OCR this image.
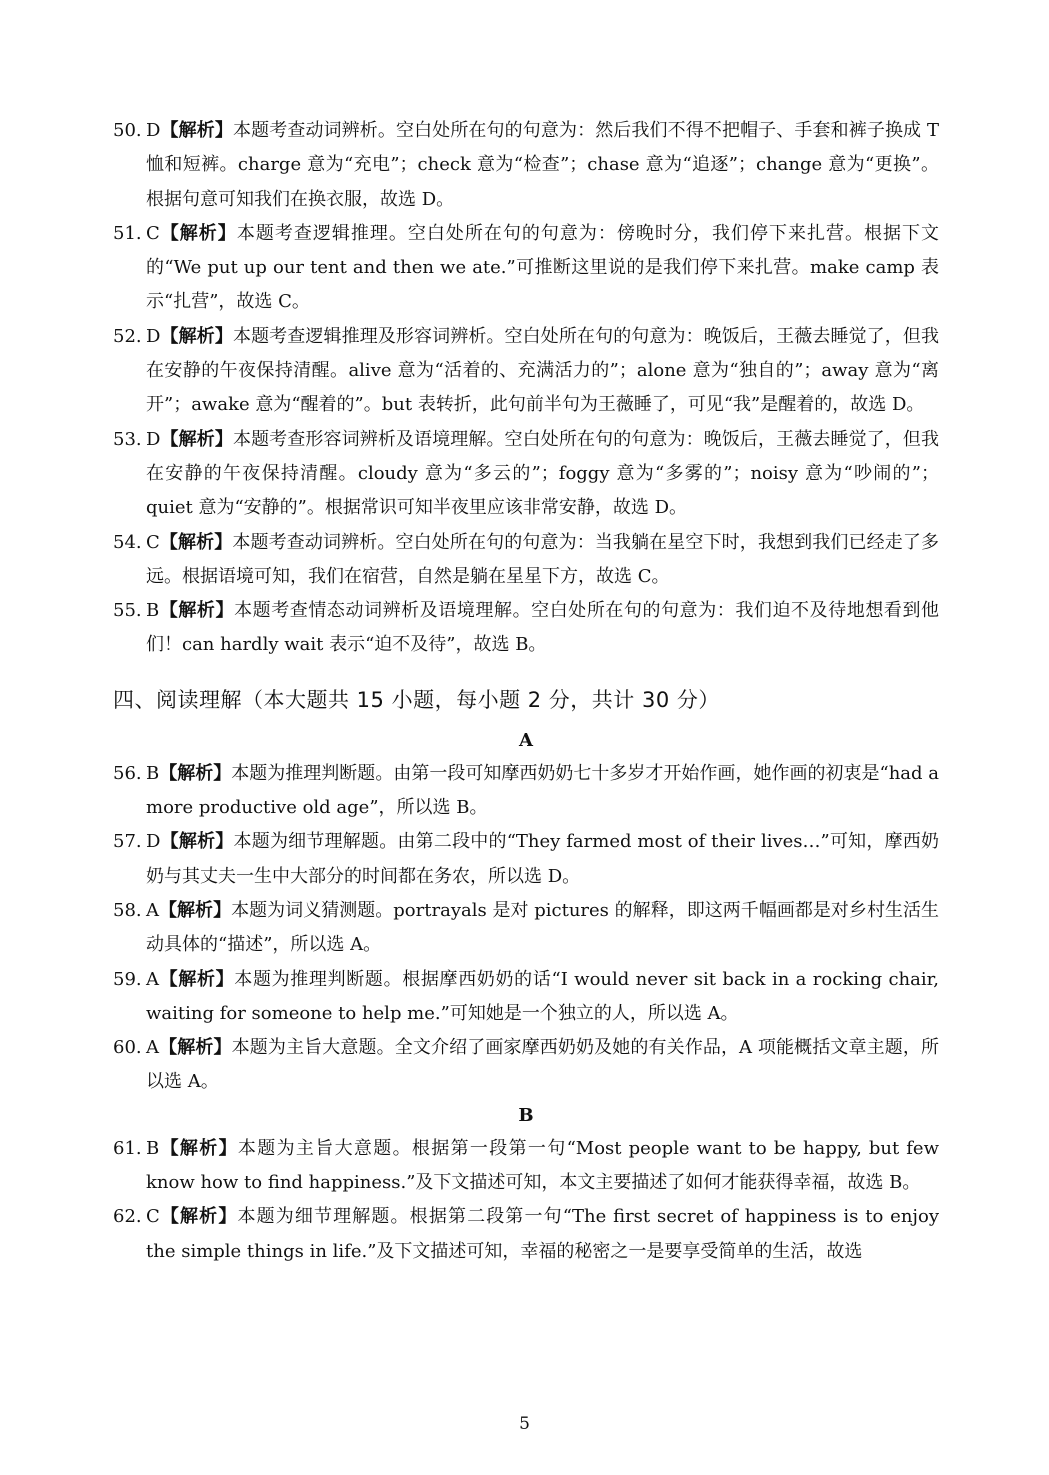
50. D【解析】本题考查动词辨析。空白处所在句的句意为：然后我们不得不把帽子、手套和裤子换成 T 恤和短裤。charge 意为“充电”；check 意为“检查”；chase 意为“追逐”；change 意为“更换”。根据句意可知我们在换衣服，故选 D。
51. C【解析】本题考查逻辑推理。空白处所在句的句意为：傍晚时分，我们停下来扎营。根据下文的“We put up our tent and then we ate.”可推断这里说的是我们停下来扎营。make camp 表示“扎营”，故选 C。
52. D【解析】本题考查逻辑推理及形容词辨析。空白处所在句的句意为：晚饭后，王薇去睡觉了，但我在安静的午夜保持清醒。alive 意为“活着的、充满活力的”；alone 意为“独自的”；away 意为“离开”；awake 意为“醒着的”。but 表转折，此句前半句为王薇睡了，可见“我”是醒着的，故选 D。
53. D【解析】本题考查形容词辨析及语境理解。空白处所在句的句意为：晚饭后，王薇去睡觉了，但我在安静的午夜保持清醒。cloudy 意为“多云的”；foggy 意为“多雾的”；noisy 意为“吵闹的”；quiet 意为“安静的”。根据常识可知半夜里应该非常安静，故选 D。
54. C【解析】本题考查动词辨析。空白处所在句的句意为：当我躺在星空下时，我想到我们已经走了多远。根据语境可知，我们在宿营，自然是躺在星星下方，故选 C。
55. B【解析】本题考查情态动词辨析及语境理解。空白处所在句的句意为：我们迫不及待地想看到他们！can hardly wait 表示“迫不及待”，故选 B。
四、阅读理解（本大题共 15 小题，每小题 2 分，共计 30 分）
A
56. B【解析】本题为推理判断题。由第一段可知摩西奶奶七十多岁才开始作画，她作画的初衷是“had a more productive old age”，所以选 B。
57. D【解析】本题为细节理解题。由第二段中的“They farmed most of their lives…”可知，摩西奶奶与其丈夫一生中大部分的时间都在务农，所以选 D。
58. A【解析】本题为词义猜测题。portrayals 是对 pictures 的解释，即这两千幅画都是对乡村生活生动具体的“描述”，所以选 A。
59. A【解析】本题为推理判断题。根据摩西奶奶的话“I would never sit back in a rocking chair, waiting for someone to help me.”可知她是一个独立的人，所以选 A。
60. A【解析】本题为主旨大意题。全文介绍了画家摩西奶奶及她的有关作品，A 项能概括文章主题，所以选 A。
B
61. B【解析】本题为主旨大意题。根据第一段第一句“Most people want to be happy, but few know how to find happiness.”及下文描述可知，本文主要描述了如何才能获得幸福，故选 B。
62. C【解析】本题为细节理解题。根据第二段第一句“The first secret of happiness is to enjoy the simple things in life.”及下文描述可知，幸福的秘密之一是要享受简单的生活，故选
5
